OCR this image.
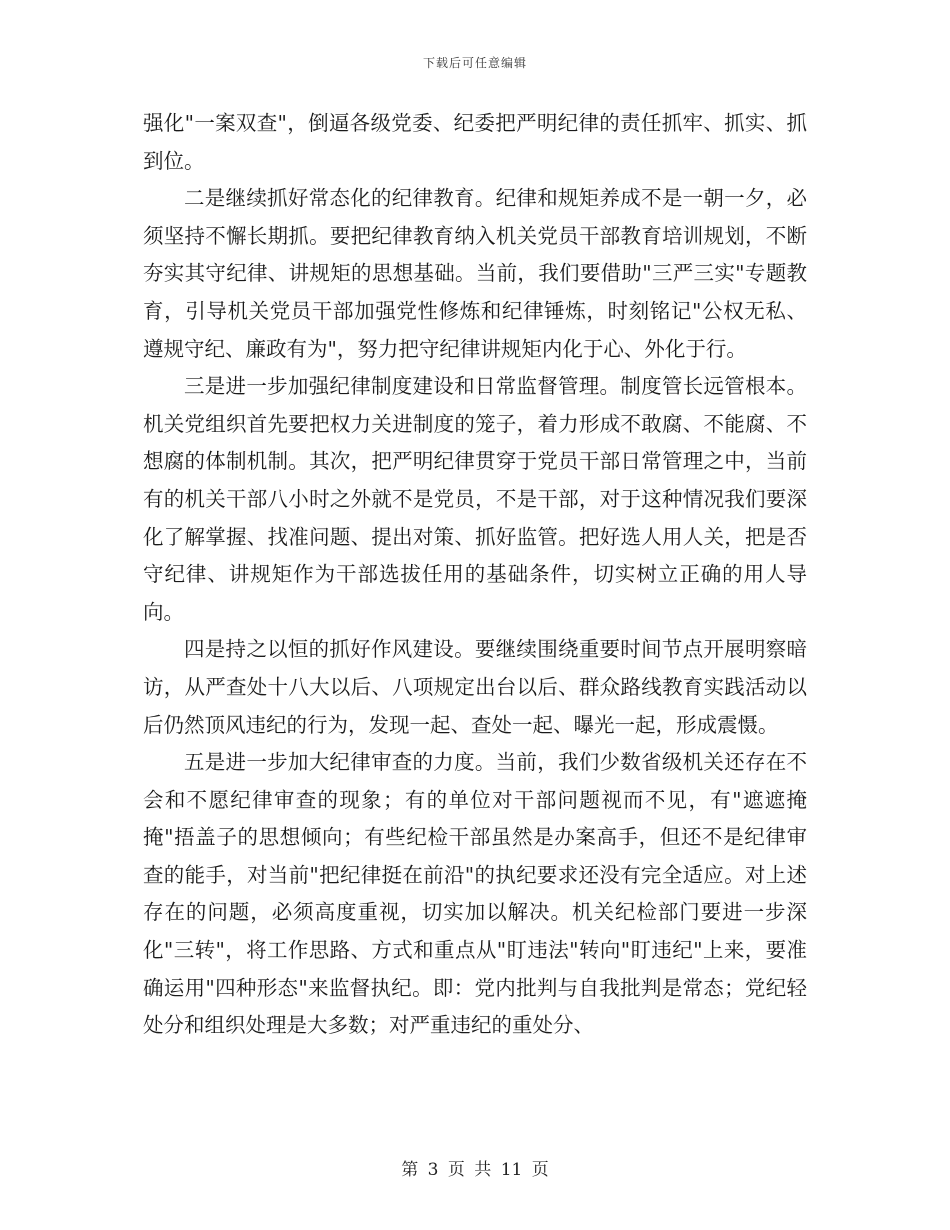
下载后可任意编辑

强化"一案双查"，倒逼各级党委、纪委把严明纪律的责任抓牢、抓实、抓到位。

二是继续抓好常态化的纪律教育。纪律和规矩养成不是一朝一夕，必须坚持不懈长期抓。要把纪律教育纳入机关党员干部教育培训规划，不断夯实其守纪律、讲规矩的思想基础。当前，我们要借助"三严三实"专题教育，引导机关党员干部加强党性修炼和纪律锤炼，时刻铭记"公权无私、遵规守纪、廉政有为"，努力把守纪律讲规矩内化于心、外化于行。

三是进一步加强纪律制度建设和日常监督管理。制度管长远管根本。机关党组织首先要把权力关进制度的笼子，着力形成不敢腐、不能腐、不想腐的体制机制。其次，把严明纪律贯穿于党员干部日常管理之中，当前有的机关干部八小时之外就不是党员，不是干部，对于这种情况我们要深化了解掌握、找准问题、提出对策、抓好监管。把好选人用人关，把是否守纪律、讲规矩作为干部选拔任用的基础条件，切实树立正确的用人导向。

四是持之以恒的抓好作风建设。要继续围绕重要时间节点开展明察暗访，从严查处十八大以后、八项规定出台以后、群众路线教育实践活动以后仍然顶风违纪的行为，发现一起、查处一起、曝光一起，形成震慑。

五是进一步加大纪律审查的力度。当前，我们少数省级机关还存在不会和不愿纪律审查的现象；有的单位对干部问题视而不见，有"遮遮掩掩"捂盖子的思想倾向；有些纪检干部虽然是办案高手，但还不是纪律审查的能手，对当前"把纪律挺在前沿"的执纪要求还没有完全适应。对上述存在的问题，必须高度重视，切实加以解决。机关纪检部门要进一步深化"三转"，将工作思路、方式和重点从"盯违法"转向"盯违纪"上来，要准确运用"四种形态"来监督执纪。即：党内批判与自我批判是常态；党纪轻处分和组织处理是大多数；对严重违纪的重处分、

第 3 页 共 11 页
